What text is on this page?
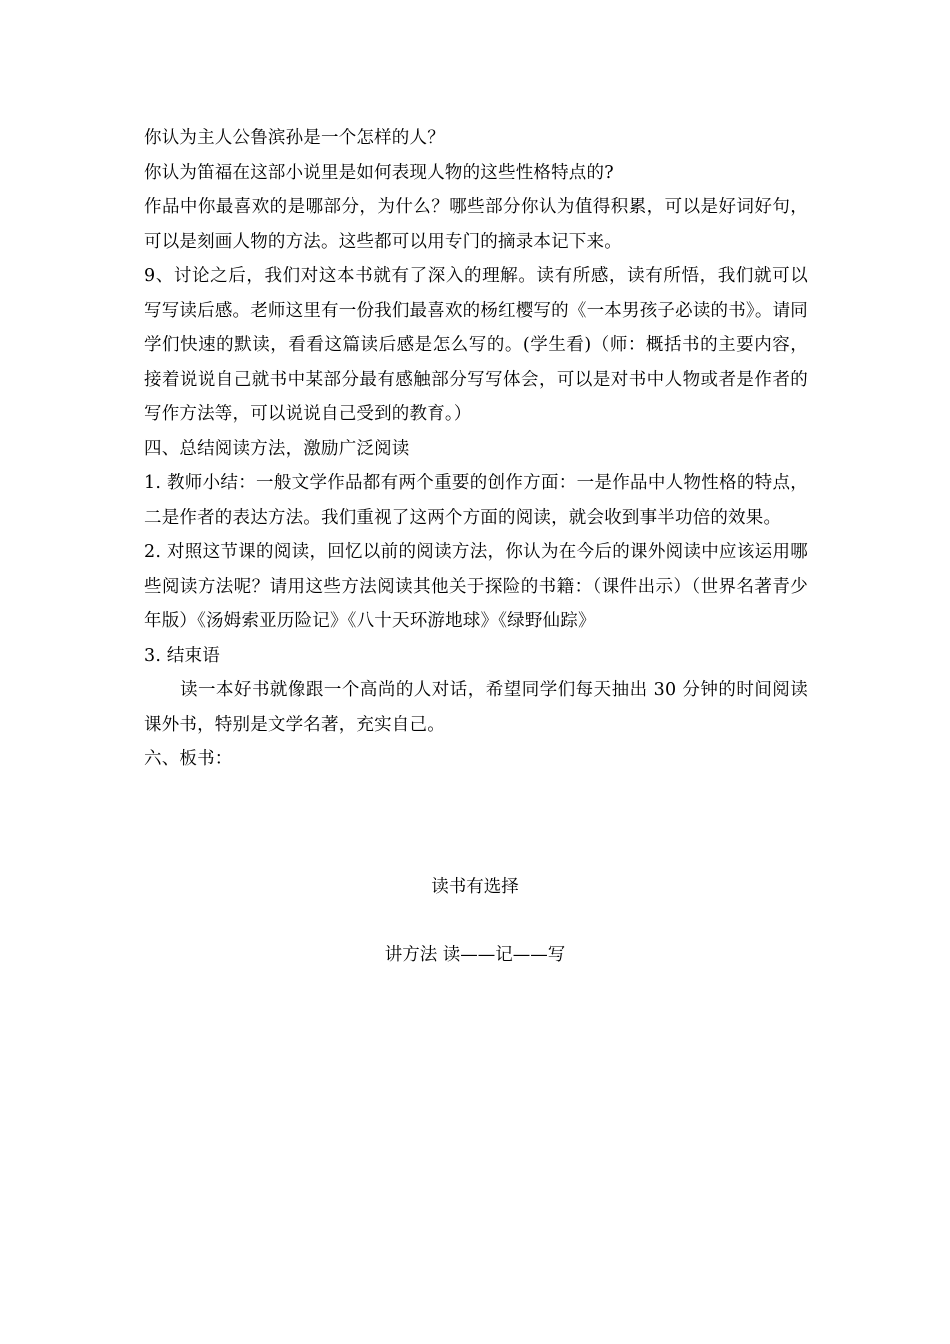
你认为主人公鲁滨孙是一个怎样的人？

你认为笛福在这部小说里是如何表现人物的这些性格特点的?

作品中你最喜欢的是哪部分，为什么？哪些部分你认为值得积累，可以是好词好句，可以是刻画人物的方法。这些都可以用专门的摘录本记下来。

9、讨论之后，我们对这本书就有了深入的理解。读有所感，读有所悟，我们就可以写写读后感。老师这里有一份我们最喜欢的杨红樱写的《一本男孩子必读的书》。请同学们快速的默读，看看这篇读后感是怎么写的。(学生看)（师：概括书的主要内容，接着说说自己就书中某部分最有感触部分写写体会，可以是对书中人物或者是作者的写作方法等，可以说说自己受到的教育。）

四、总结阅读方法，激励广泛阅读

1. 教师小结：一般文学作品都有两个重要的创作方面：一是作品中人物性格的特点，二是作者的表达方法。我们重视了这两个方面的阅读，就会收到事半功倍的效果。

2. 对照这节课的阅读，回忆以前的阅读方法，你认为在今后的课外阅读中应该运用哪些阅读方法呢？请用这些方法阅读其他关于探险的书籍：（课件出示）（世界名著青少年版）《汤姆索亚历险记》《八十天环游地球》《绿野仙踪》

3. 结束语

读一本好书就像跟一个高尚的人对话，希望同学们每天抽出 30 分钟的时间阅读课外书，特别是文学名著，充实自己。

六、板书：

读书有选择
讲方法 读——记——写
